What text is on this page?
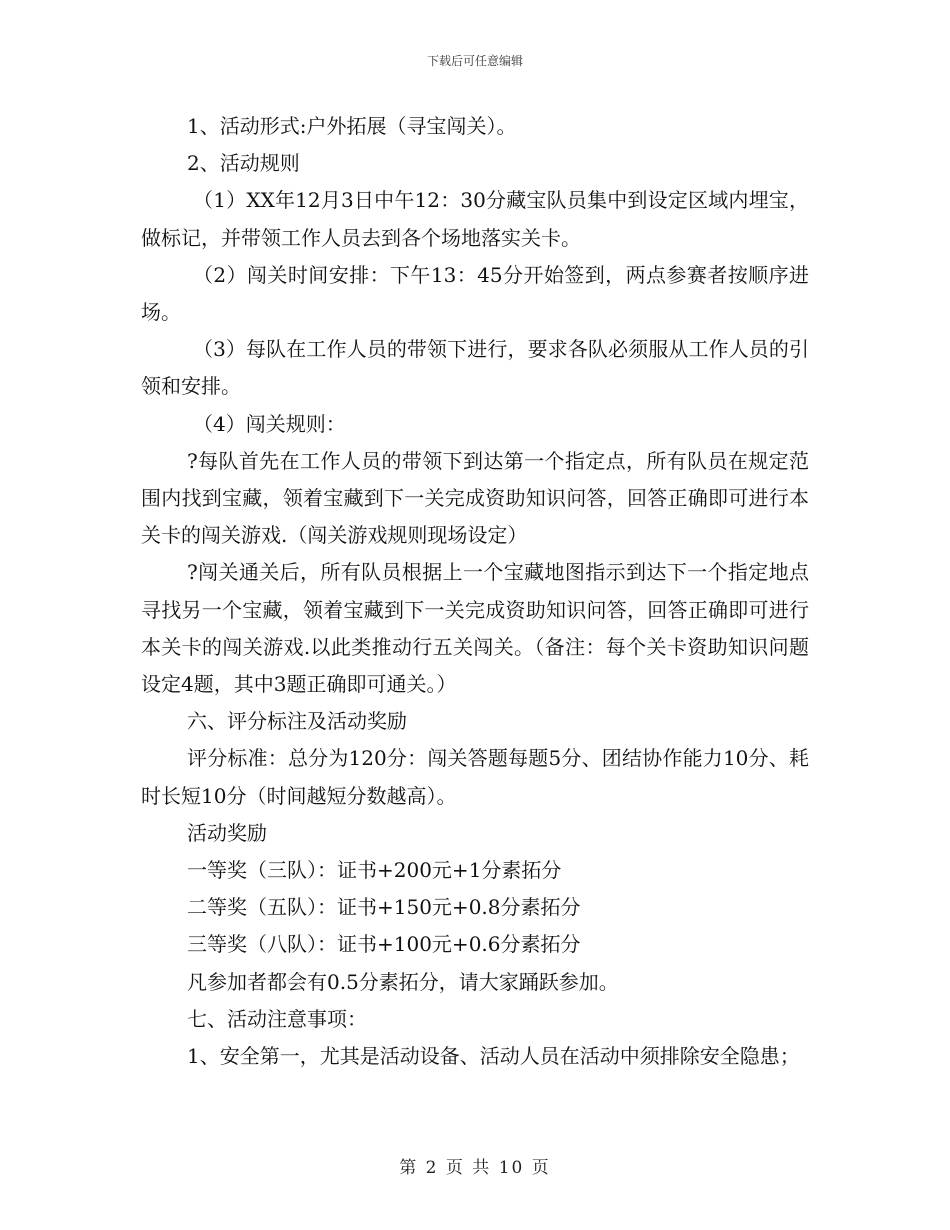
下载后可任意编辑

1、活动形式:户外拓展（寻宝闯关）。

2、活动规则

（1）XX年12月3日中午12：30分藏宝队员集中到设定区域内埋宝，做标记，并带领工作人员去到各个场地落实关卡。

（2）闯关时间安排：下午13：45分开始签到，两点参赛者按顺序进场。

（3）每队在工作人员的带领下进行，要求各队必须服从工作人员的引领和安排。

（4）闯关规则：

?每队首先在工作人员的带领下到达第一个指定点，所有队员在规定范围内找到宝藏，领着宝藏到下一关完成资助知识问答，回答正确即可进行本关卡的闯关游戏.（闯关游戏规则现场设定）

?闯关通关后，所有队员根据上一个宝藏地图指示到达下一个指定地点寻找另一个宝藏，领着宝藏到下一关完成资助知识问答，回答正确即可进行本关卡的闯关游戏.以此类推动行五关闯关。（备注：每个关卡资助知识问题设定4题，其中3题正确即可通关。）

六、评分标注及活动奖励

评分标准：总分为120分：闯关答题每题5分、团结协作能力10分、耗时长短10分（时间越短分数越高）。

活动奖励

一等奖（三队）：证书+200元+1分素拓分

二等奖（五队）：证书+150元+0.8分素拓分

三等奖（八队）：证书+100元+0.6分素拓分

凡参加者都会有0.5分素拓分，请大家踊跃参加。

七、活动注意事项：

1、安全第一，尤其是活动设备、活动人员在活动中须排除安全隐患；

第 2 页 共 10 页
